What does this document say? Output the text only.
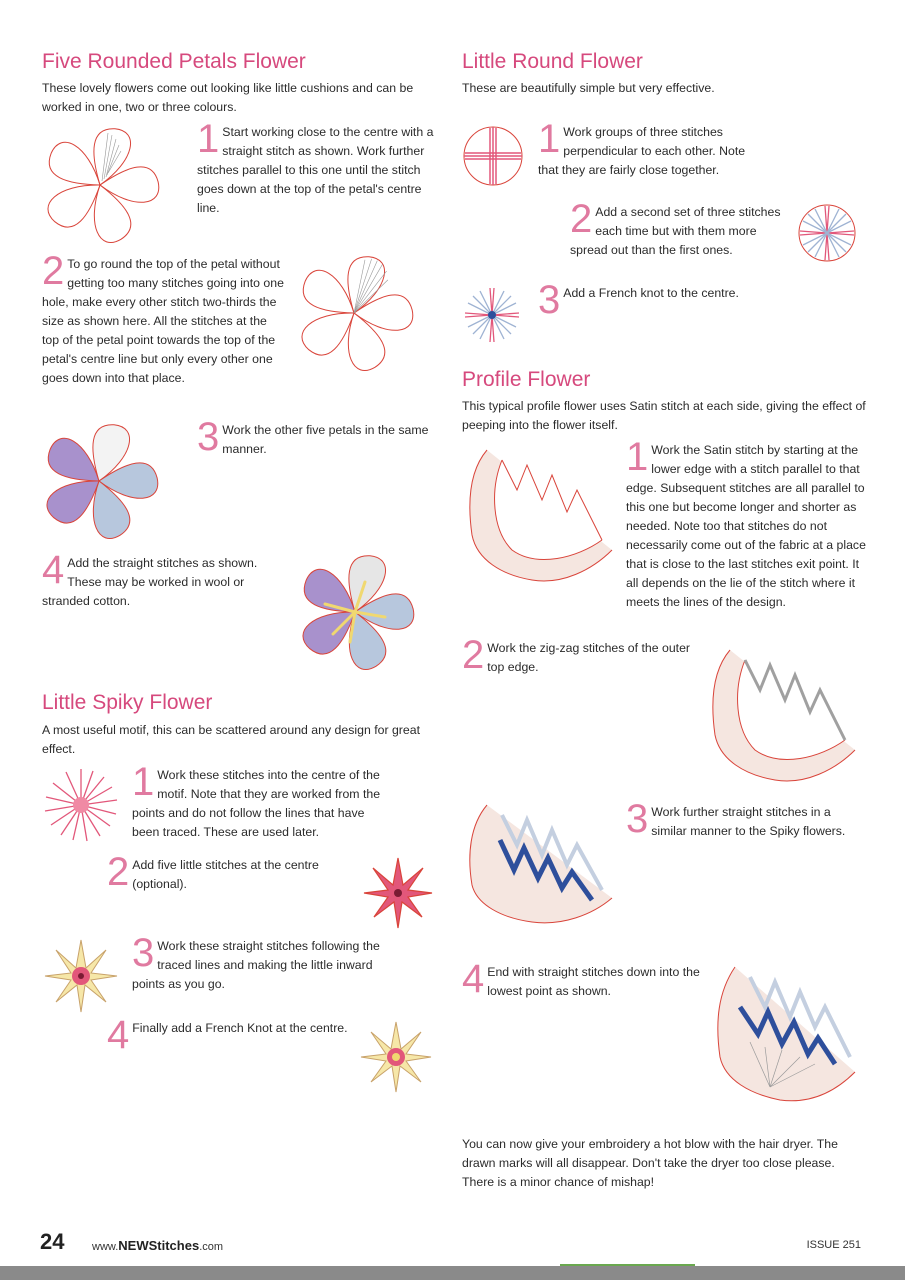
Five Rounded Petals Flower

These lovely flowers come out looking like little cushions and can be worked in one, two or three colours.

1 Start working close to the centre with a straight stitch as shown. Work further stitches parallel to this one until the stitch goes down at the top of the petal's centre line.
2 To go round the top of the petal without getting too many stitches going into one hole, make every other stitch two-thirds the size as shown here. All the stitches at the top of the petal point towards the top of the petal's centre line but only every other one goes down into that place.
3 Work the other five petals in the same manner.
4 Add the straight stitches as shown. These may be worked in wool or stranded cotton.
Little Spiky Flower

A most useful motif, this can be scattered around any design for great effect.

1 Work these stitches into the centre of the motif. Note that they are worked from the points and do not follow the lines that have been traced. These are used later.
2 Add five little stitches at the centre (optional).
3 Work these straight stitches following the traced lines and making the little inward points as you go.
4 Finally add a French Knot at the centre.
Little Round Flower

These are beautifully simple but very effective.

1 Work groups of three stitches perpendicular to each other. Note that they are fairly close together.
2 Add a second set of three stitches each time but with them more spread out than the first ones.
3 Add a French knot to the centre.
Profile Flower

This typical profile flower uses Satin stitch at each side, giving the effect of peeping into the flower itself.

1 Work the Satin stitch by starting at the lower edge with a stitch parallel to that edge. Subsequent stitches are all parallel to this one but become longer and shorter as needed. Note too that stitches do not necessarily come out of the fabric at a place that is close to the last stitches exit point. It all depends on the lie of the stitch where it meets the lines of the design.
2 Work the zig-zag stitches of the outer top edge.
3 Work further straight stitches in a similar manner to the Spiky flowers.
4 End with straight stitches down into the lowest point as shown.

You can now give your embroidery a hot blow with the hair dryer. The drawn marks will all disappear. Don't take the dryer too close please. There is a minor chance of mishap!

24	www.NEWStitches.com	ISSUE 251
